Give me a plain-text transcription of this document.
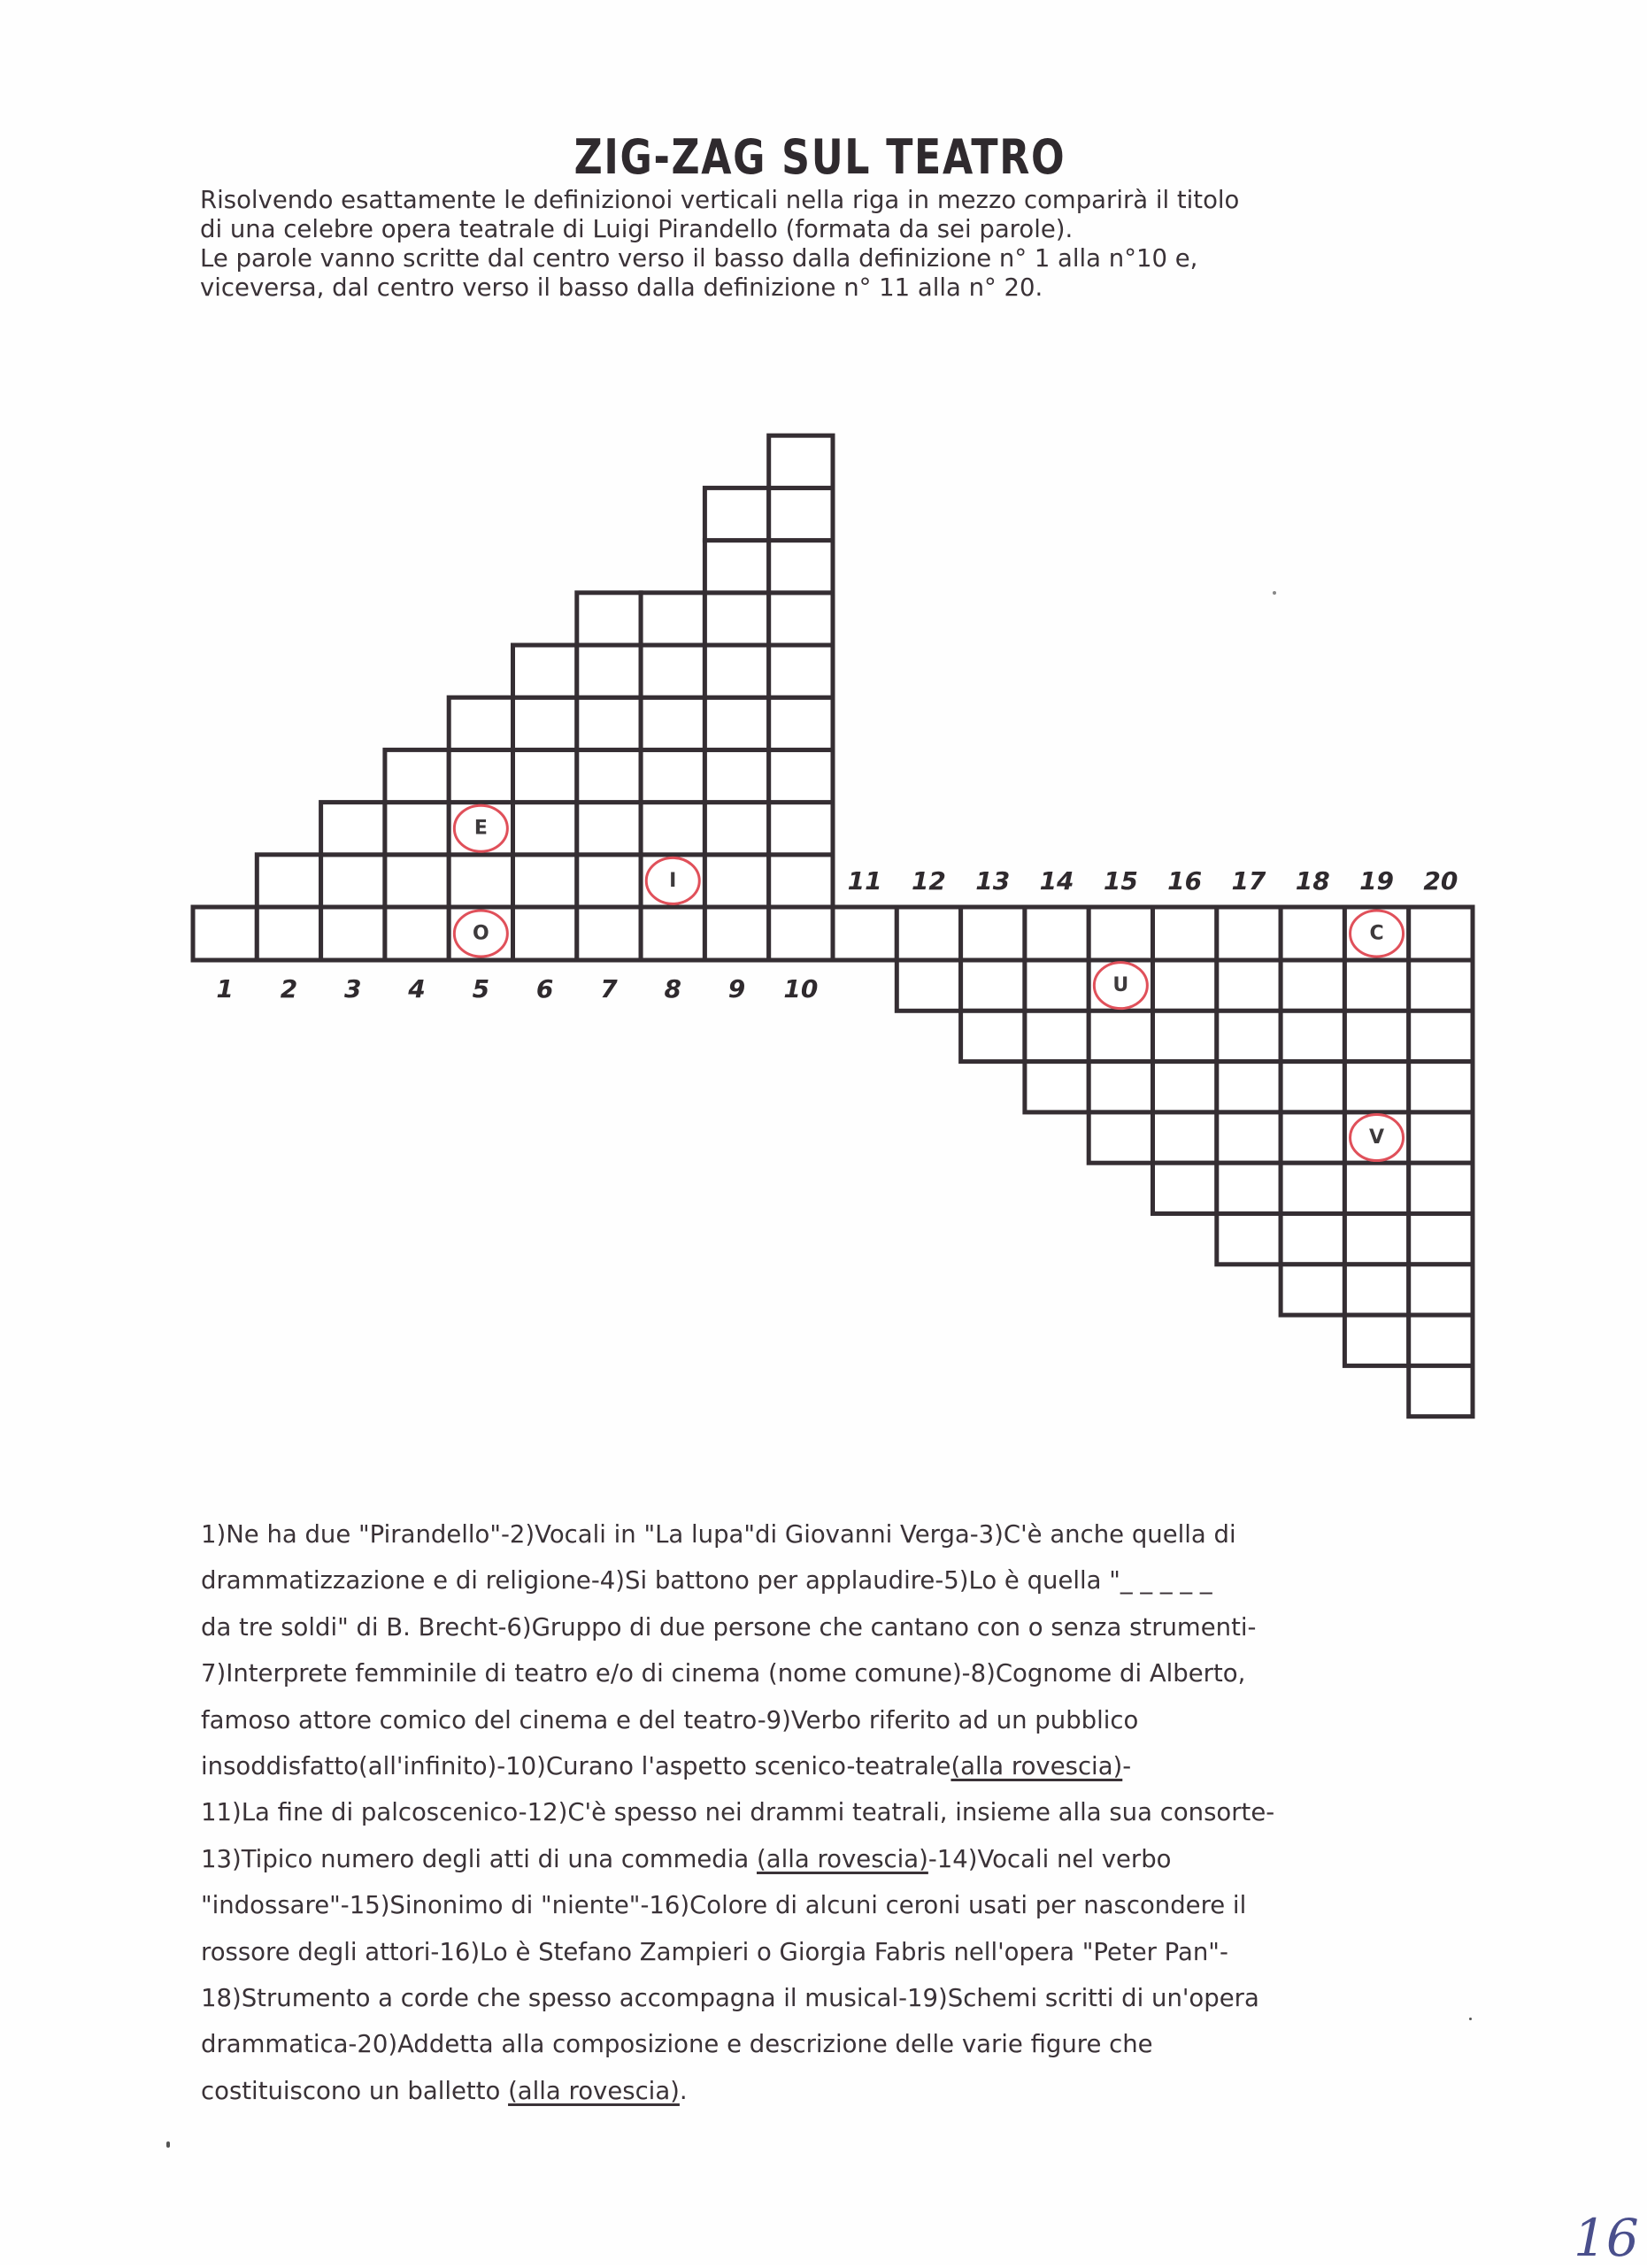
ZIG-ZAG SUL TEATRO
Risolvendo esattamente le definizionoi verticali nella riga in mezzo comparirà il titolo
di una celebre opera teatrale di Luigi Pirandello (formata da sei parole).
Le parole vanno scritte dal centro verso il basso dalla definizione n° 1 alla n°10 e,
viceversa, dal centro verso il basso dalla definizione n° 11 alla n° 20.
1 2 3 4 5 6 7 8 9 10
11 12 13 14 15 16 17 18 19 20
E
I
O	C
U
V
1)Ne ha due "Pirandello"-2)Vocali in "La lupa"di Giovanni Verga-3)C'è anche quella di
drammatizzazione e di religione-4)Si battono per applaudire-5)Lo è quella "_ _ _ _ _
da tre soldi" di B. Brecht-6)Gruppo di due persone che cantano con o senza strumenti-
7)Interprete femminile di teatro e/o di cinema (nome comune)-8)Cognome di Alberto,
famoso attore comico del cinema e del teatro-9)Verbo riferito ad un pubblico
insoddisfatto(all'infinito)-10)Curano l'aspetto scenico-teatrale(alla rovescia)-
11)La fine di palcoscenico-12)C'è spesso nei drammi teatrali, insieme alla sua consorte-
13)Tipico numero degli atti di una commedia (alla rovescia)-14)Vocali nel verbo
"indossare"-15)Sinonimo di "niente"-16)Colore di alcuni ceroni usati per nascondere il
rossore degli attori-16)Lo è Stefano Zampieri o Giorgia Fabris nell'opera "Peter Pan"-
18)Strumento a corde che spesso accompagna il musical-19)Schemi scritti di un'opera
drammatica-20)Addetta alla composizione e descrizione delle varie figure che
costituiscono un balletto (alla rovescia).
16
